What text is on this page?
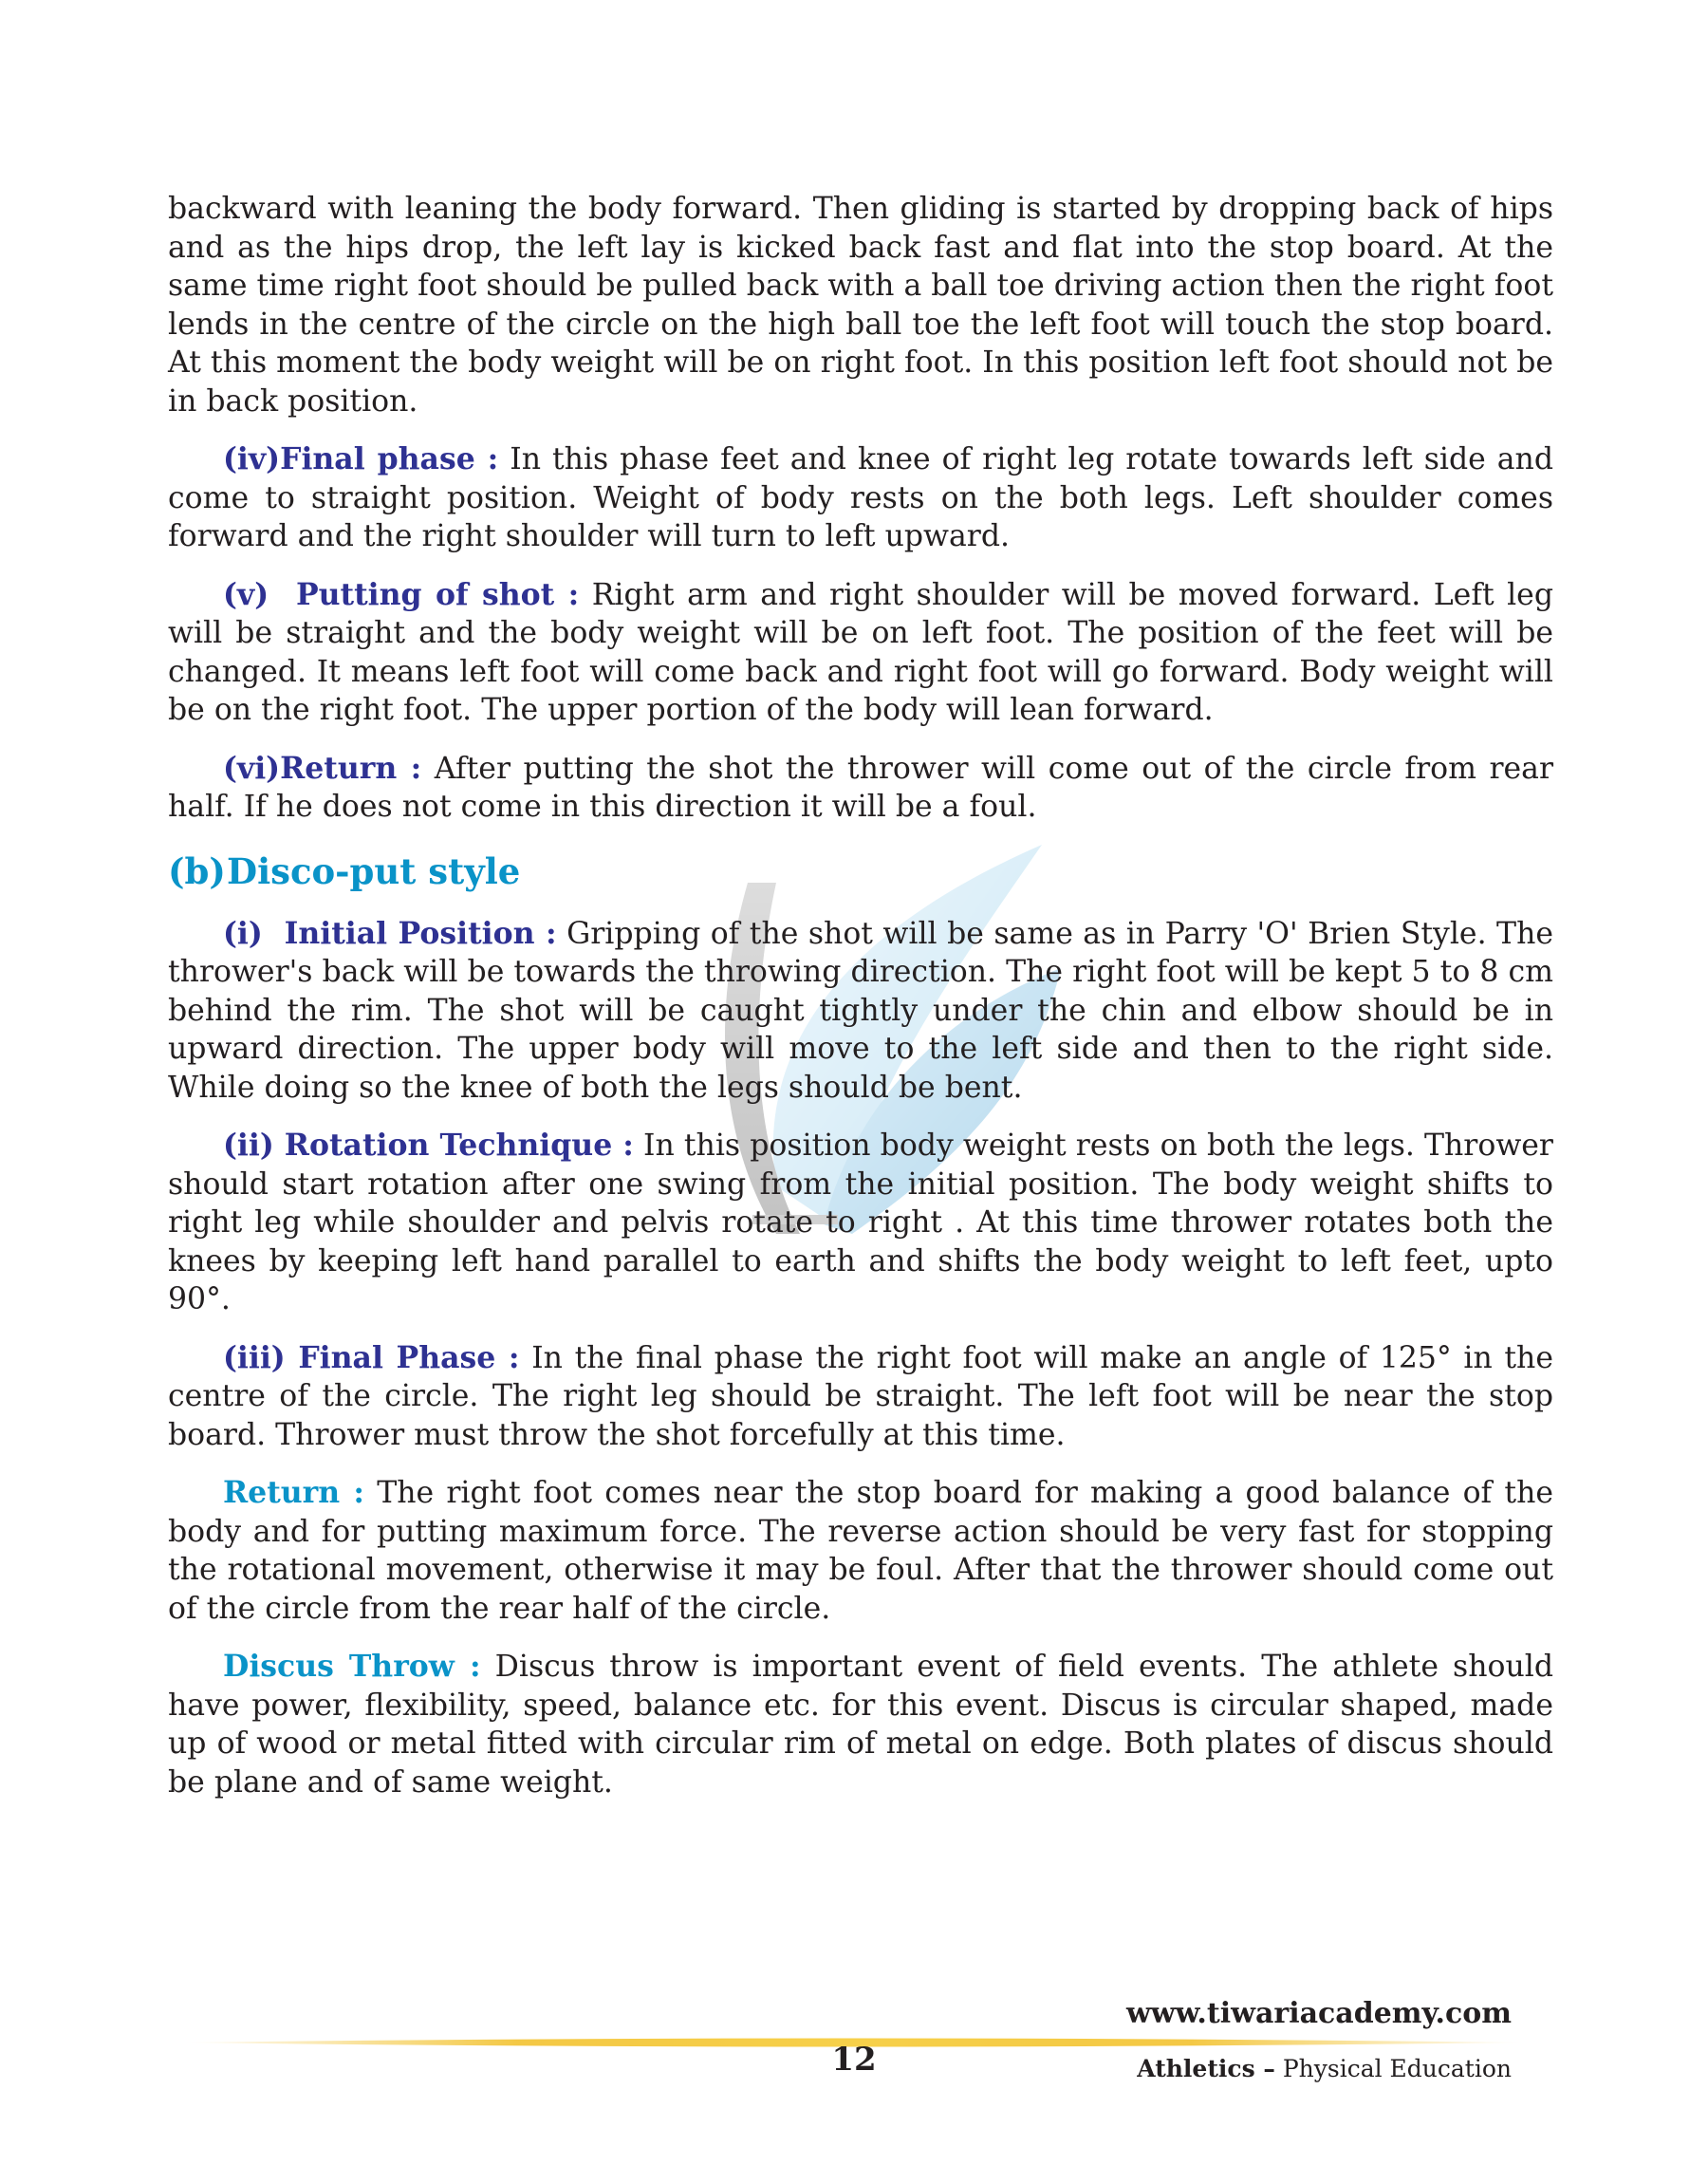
backward with leaning the body forward. Then gliding is started by dropping back of hips and as the hips drop, the left lay is kicked back fast and flat into the stop board. At the same time right foot should be pulled back with a ball toe driving action then the right foot lends in the centre of the circle on the high ball toe the left foot will touch the stop board. At this moment the body weight will be on right foot. In this position left foot should not be in back position.

(iv)Final phase : In this phase feet and knee of right leg rotate towards left side and come to straight position. Weight of body rests on the both legs. Left shoulder comes forward and the right shoulder will turn to left upward.

(v)  Putting of shot : Right arm and right shoulder will be moved forward. Left leg will be straight and the body weight will be on left foot. The position of the feet will be changed. It means left foot will come back and right foot will go forward. Body weight will be on the right foot. The upper portion of the body will lean forward.

(vi)Return : After putting the shot the thrower will come out of the circle from rear half. If he does not come in this direction it will be a foul.

(b)Disco-put style

(i)  Initial Position : Gripping of the shot will be same as in Parry 'O' Brien Style. The thrower's back will be towards the throwing direction. The right foot will be kept 5 to 8 cm behind the rim. The shot will be caught tightly under the chin and elbow should be in upward direction. The upper body will move to the left side and then to the right side. While doing so the knee of both the legs should be bent.

(ii) Rotation Technique : In this position body weight rests on both the legs. Thrower should start rotation after one swing from the initial position. The body weight shifts to right leg while shoulder and pelvis rotate to right . At this time thrower rotates both the knees by keeping left hand parallel to earth and shifts the body weight to left feet, upto 90°.

(iii) Final Phase : In the final phase the right foot will make an angle of 125° in the centre of the circle. The right leg should be straight. The left foot will be near the stop board. Thrower must throw the shot forcefully at this time.

Return : The right foot comes near the stop board for making a good balance of the body and for putting maximum force. The reverse action should be very fast for stopping the rotational movement, otherwise it may be foul. After that the thrower should come out of the circle from the rear half of the circle.

Discus Throw : Discus throw is important event of field events. The athlete should have power, flexibility, speed, balance etc. for this event. Discus is circular shaped, made up of wood or metal fitted with circular rim of metal on edge. Both plates of discus should be plane and of same weight.

www.tiwariacademy.com
12	Athletics – Physical Education
